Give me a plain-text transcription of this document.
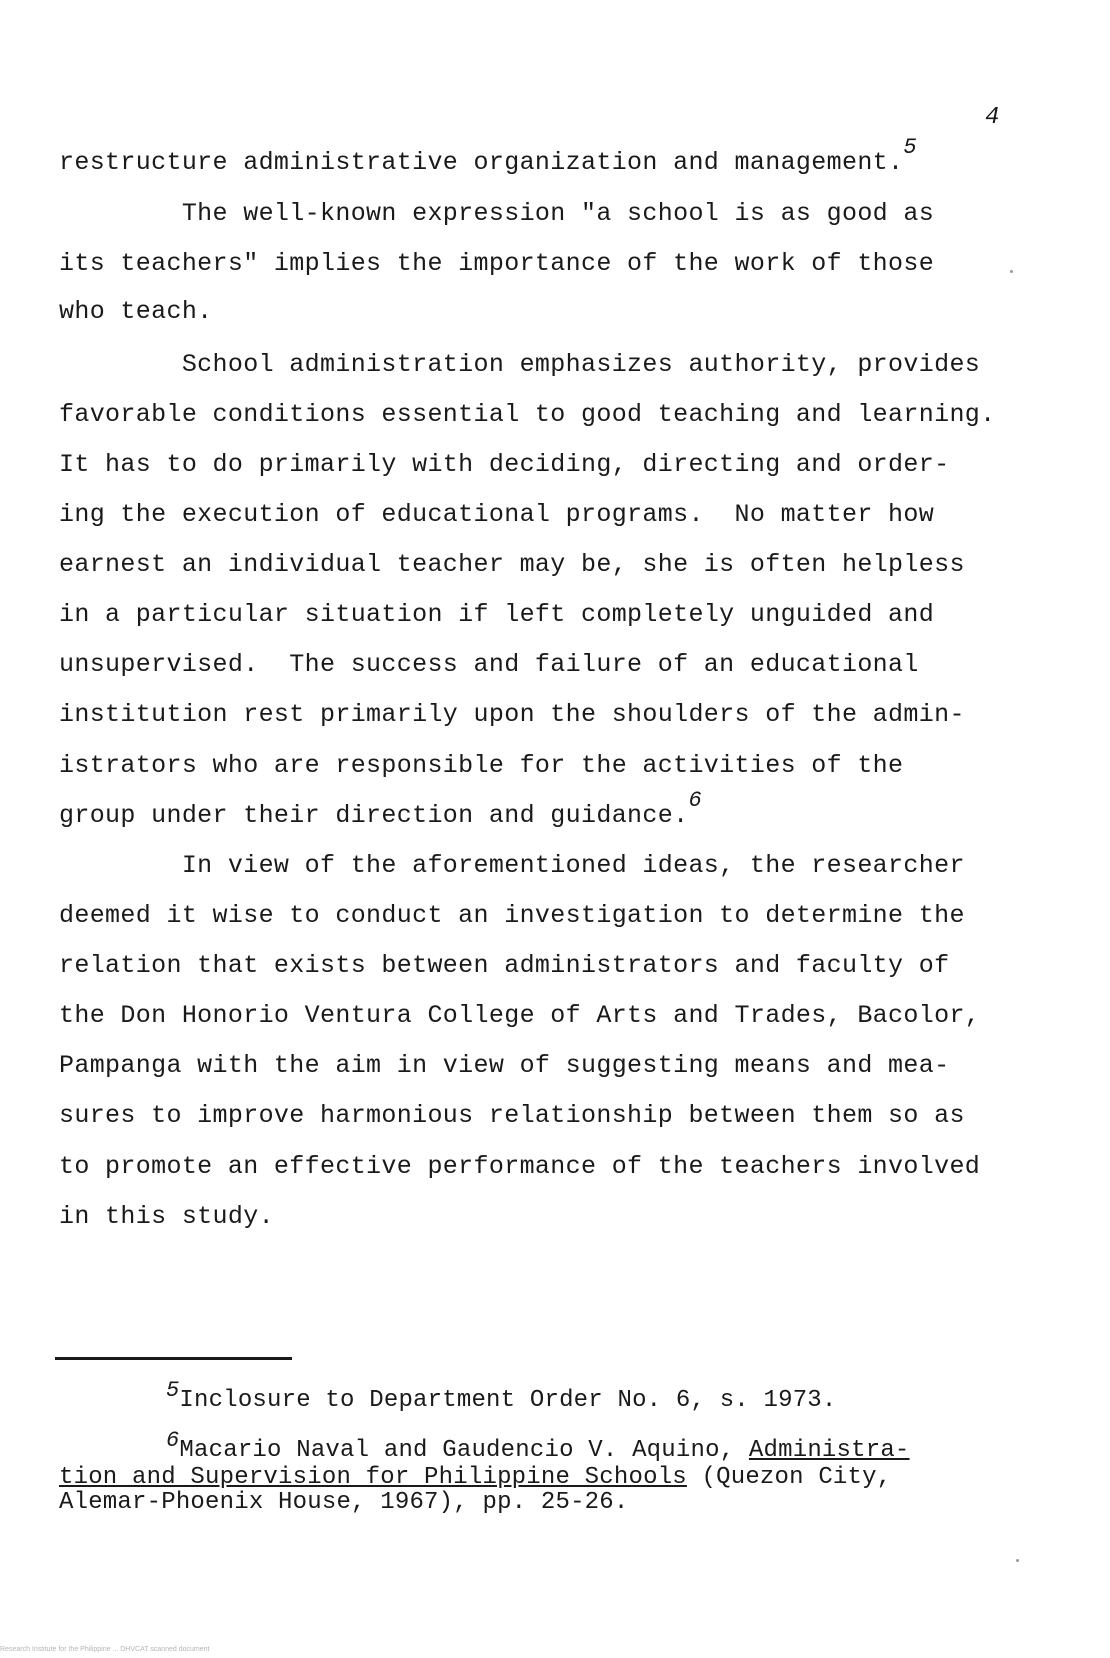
4
restructure administrative organization and management.5
The well-known expression "a school is as good as
its teachers" implies the importance of the work of those
who teach.
School administration emphasizes authority, provides
favorable conditions essential to good teaching and learning.
It has to do primarily with deciding, directing and order-
ing the execution of educational programs.  No matter how
earnest an individual teacher may be, she is often helpless
in a particular situation if left completely unguided and
unsupervised.  The success and failure of an educational
institution rest primarily upon the shoulders of the admin-
istrators who are responsible for the activities of the
group under their direction and guidance.6
In view of the aforementioned ideas, the researcher
deemed it wise to conduct an investigation to determine the
relation that exists between administrators and faculty of
the Don Honorio Ventura College of Arts and Trades, Bacolor,
Pampanga with the aim in view of suggesting means and mea-
sures to improve harmonious relationship between them so as
to promote an effective performance of the teachers involved
in this study.
5Inclosure to Department Order No. 6, s. 1973.
6Macario Naval and Gaudencio V. Aquino, Administra-
tion and Supervision for Philippine Schools (Quezon City,
Alemar-Phoenix House, 1967), pp. 25-26.
Research Institute for the Philippine ... DHVCAT scanned document
